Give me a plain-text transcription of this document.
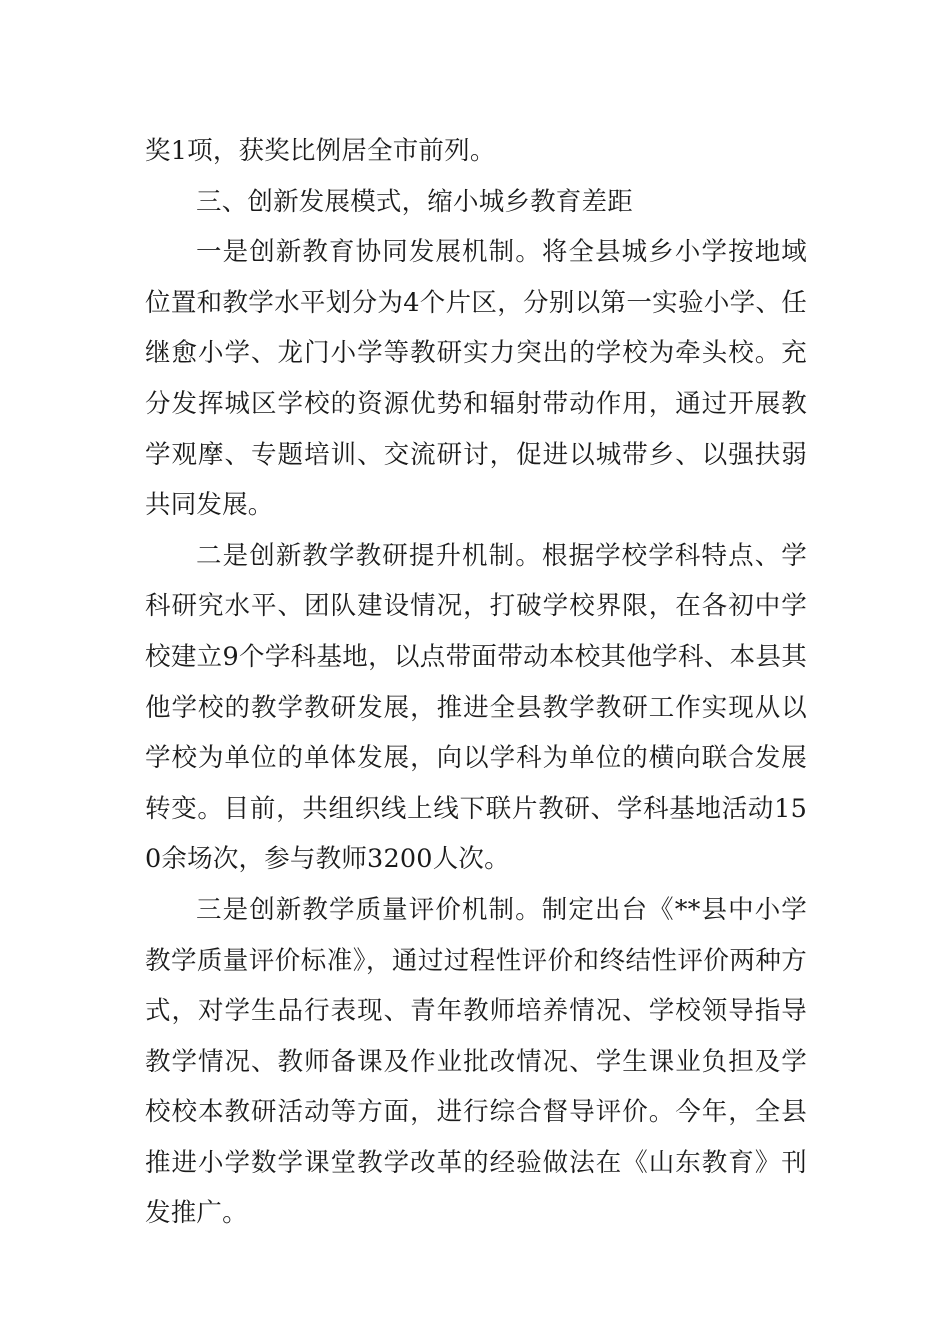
奖1项，获奖比例居全市前列。

三、创新发展模式，缩小城乡教育差距

一是创新教育协同发展机制。将全县城乡小学按地域位置和教学水平划分为4个片区，分别以第一实验小学、任继愈小学、龙门小学等教研实力突出的学校为牵头校。充分发挥城区学校的资源优势和辐射带动作用，通过开展教学观摩、专题培训、交流研讨，促进以城带乡、以强扶弱共同发展。

二是创新教学教研提升机制。根据学校学科特点、学科研究水平、团队建设情况，打破学校界限，在各初中学校建立9个学科基地，以点带面带动本校其他学科、本县其他学校的教学教研发展，推进全县教学教研工作实现从以学校为单位的单体发展，向以学科为单位的横向联合发展转变。目前，共组织线上线下联片教研、学科基地活动150余场次，参与教师3200人次。

三是创新教学质量评价机制。制定出台《**县中小学教学质量评价标准》，通过过程性评价和终结性评价两种方式，对学生品行表现、青年教师培养情况、学校领导指导教学情况、教师备课及作业批改情况、学生课业负担及学校校本教研活动等方面，进行综合督导评价。今年，全县推进小学数学课堂教学改革的经验做法在《山东教育》刊发推广。
